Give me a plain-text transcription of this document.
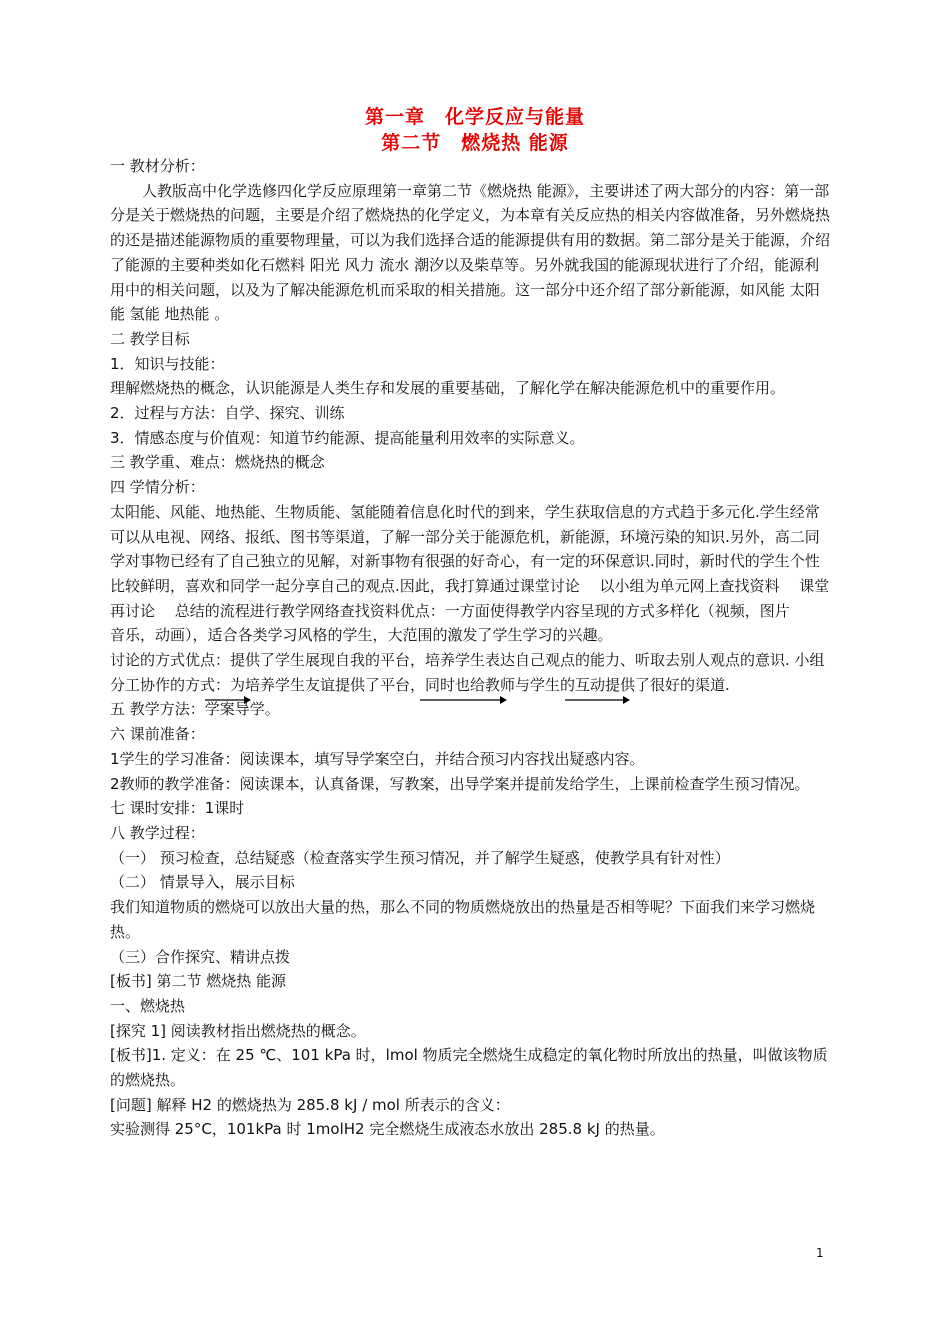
第一章　化学反应与能量
第二节　燃烧热 能源

一 教材分析：

人教版高中化学选修四化学反应原理第一章第二节《燃烧热 能源》，主要讲述了两大部分的内容：第一部分是关于燃烧热的问题，主要是介绍了燃烧热的化学定义，为本章有关反应热的相关内容做准备，另外燃烧热的还是描述能源物质的重要物理量，可以为我们选择合适的能源提供有用的数据。第二部分是关于能源，介绍了能源的主要种类如化石燃料 阳光 风力 流水 潮汐以及柴草等。另外就我国的能源现状进行了介绍，能源利用中的相关问题，以及为了解决能源危机而采取的相关措施。这一部分中还介绍了部分新能源，如风能 太阳能 氢能 地热能 。

二 教学目标

1．知识与技能：

理解燃烧热的概念，认识能源是人类生存和发展的重要基础，了解化学在解决能源危机中的重要作用。

2．过程与方法：自学、探究、训练

3．情感态度与价值观：知道节约能源、提高能量利用效率的实际意义。

三 教学重、难点：燃烧热的概念

四 学情分析：

太阳能、风能、地热能、生物质能、氢能随着信息化时代的到来，学生获取信息的方式趋于多元化.学生经常可以从电视、网络、报纸、图书等渠道，了解一部分关于能源危机，新能源，环境污染的知识.另外，高二同学对事物已经有了自己独立的见解，对新事物有很强的好奇心，有一定的环保意识.同时，新时代的学生个性比较鲜明，喜欢和同学一起分享自己的观点.因此，我打算通过课堂讨论　 以小组为单元网上查找资料　 课堂再讨论　 总结的流程进行教学网络查找资料优点：一方面使得教学内容呈现的方式多样化（视频，图片

音乐，动画），适合各类学习风格的学生，大范围的激发了学生学习的兴趣。

讨论的方式优点：提供了学生展现自我的平台，培养学生表达自己观点的能力、听取去别人观点的意识. 小组

分工协作的方式：为培养学生友谊提供了平台，同时也给教师与学生的互动提供了很好的渠道.

五 教学方法：学案导学。

六 课前准备：

1学生的学习准备：阅读课本，填写导学案空白，并结合预习内容找出疑惑内容。

2教师的教学准备：阅读课本，认真备课，写教案，出导学案并提前发给学生，上课前检查学生预习情况。

七 课时安排：1课时

八 教学过程：

（一） 预习检查，总结疑惑（检查落实学生预习情况，并了解学生疑惑，使教学具有针对性）

（二） 情景导入，展示目标

我们知道物质的燃烧可以放出大量的热，那么不同的物质燃烧放出的热量是否相等呢？下面我们来学习燃烧热。

（三）合作探究、精讲点拨

[板书] 第二节 燃烧热 能源

一、燃烧热

[探究 1] 阅读教材指出燃烧热的概念。

[板书]1. 定义：在 25 ℃、101 kPa 时，lmol 物质完全燃烧生成稳定的氧化物时所放出的热量，叫做该物质的燃烧热。

[问题] 解释 H2 的燃烧热为 285.8 kJ / mol 所表示的含义：

实验测得 25°C，101kPa 时 1molH2 完全燃烧生成液态水放出 285.8 kJ 的热量。

1
